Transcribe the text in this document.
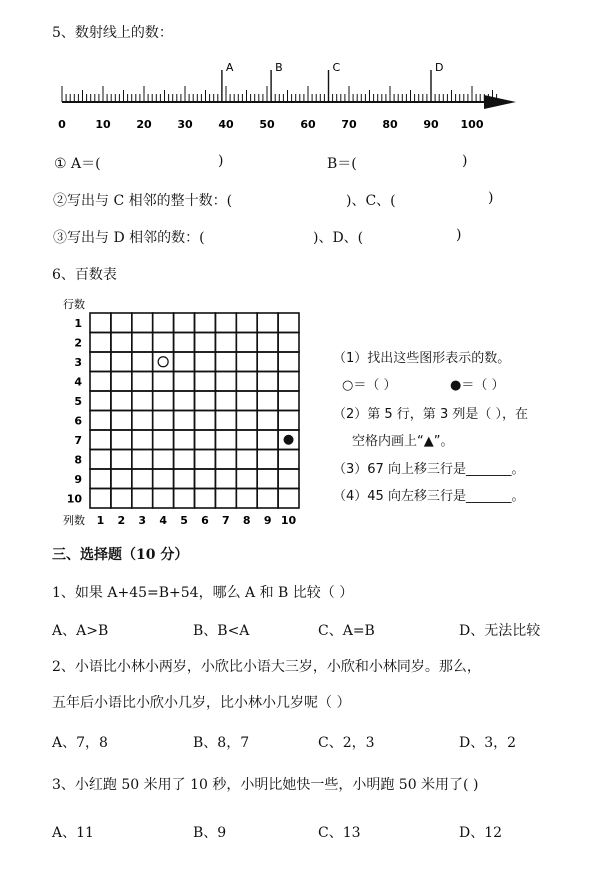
5、数射线上的数：
0	10 20 30 40 50 60 70 80 90 100
A	B	C	D
① A＝(	)	B＝(	)
②写出与 C 相邻的整十数：(	)、C、(	)
③写出与 D 相邻的数：(	)、D、(	)
6、百数表
行数
1
2
3
4
5
6
7
8
9
10
1 2 3 4 5 6 7 8 9 10
列数
（1）找出这些图形表示的数。
○＝（ ）	●＝（ ）
（2）第 5 行，第 3 列是（ ），在
空格内画上“▲”。
（3）67 向上移三行是_______。
（4）45 向左移三行是_______。
三、选择题（10 分）
1、如果 A+45=B+54，哪么 A 和 B 比较（ ）
A、A>B	B、B<A	C、A=B	D、无法比较
2、小语比小林小两岁，小欣比小语大三岁，小欣和小林同岁。那么，
五年后小语比小欣小几岁，比小林小几岁呢（ ）
A、7，8	B、8，7	C、2，3	D、3，2
3、小红跑 50 米用了 10 秒，小明比她快一些，小明跑 50 米用了( )
A、11	B、9	C、13	D、12
